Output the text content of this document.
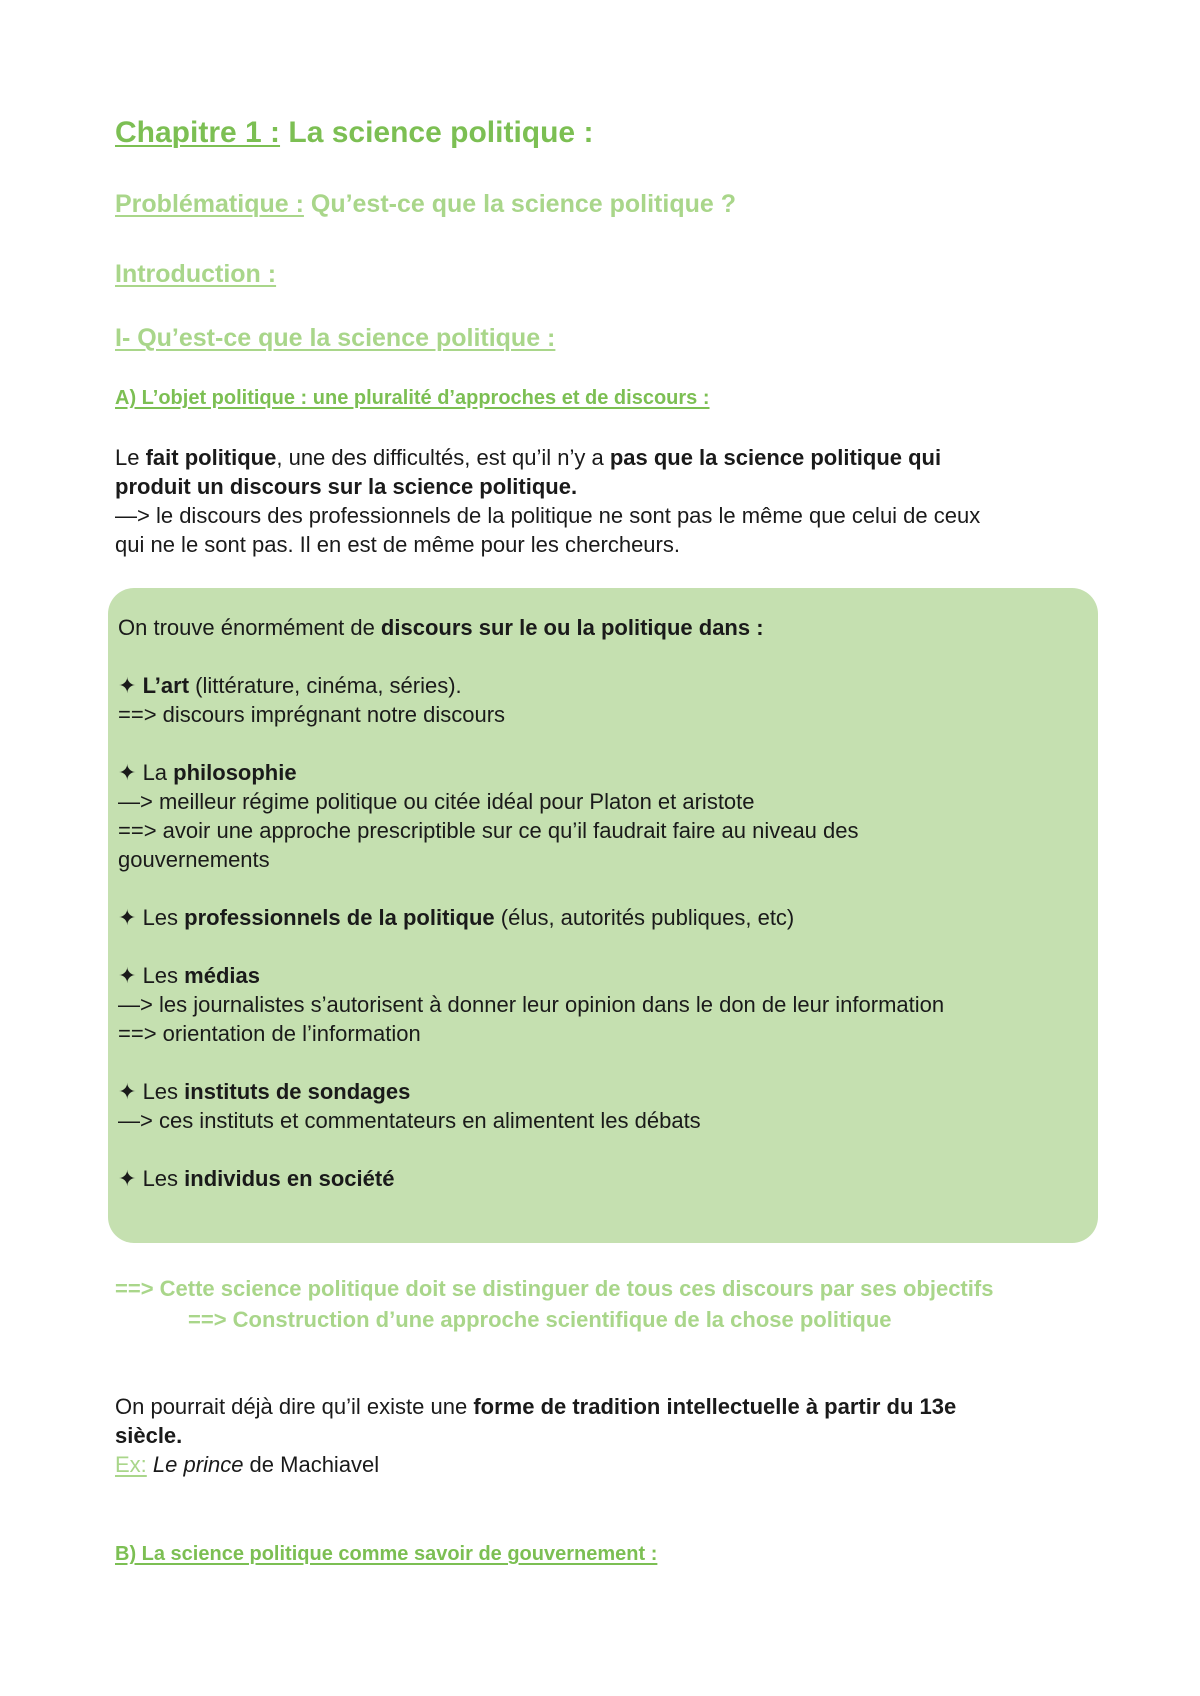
Chapitre 1 : La science politique :
Problématique : Qu’est-ce que la science politique ?
Introduction :
I- Qu’est-ce que la science politique :
A) L’objet politique : une pluralité d’approches et de discours :
Le fait politique, une des difficultés, est qu’il n’y a pas que la science politique qui
produit un discours sur la science politique.
—> le discours des professionnels de la politique ne sont pas le même que celui de ceux
qui ne le sont pas. Il en est de même pour les chercheurs.
On trouve énormément de discours sur le ou la politique dans :
✦ L’art (littérature, cinéma, séries).
==> discours imprégnant notre discours
✦ La philosophie
—> meilleur régime politique ou citée idéal pour Platon et aristote
==> avoir une approche prescriptible sur ce qu’il faudrait faire au niveau des
gouvernements
✦ Les professionnels de la politique (élus, autorités publiques, etc)
✦ Les médias
—> les journalistes s’autorisent à donner leur opinion dans le don de leur information
==> orientation de l’information
✦ Les instituts de sondages
—> ces instituts et commentateurs en alimentent les débats
✦ Les individus en société
==> Cette science politique doit se distinguer de tous ces discours par ses objectifs
==> Construction d’une approche scientifique de la chose politique
On pourrait déjà dire qu’il existe une forme de tradition intellectuelle à partir du 13e
siècle.
Ex: Le prince de Machiavel
B) La science politique comme savoir de gouvernement :
